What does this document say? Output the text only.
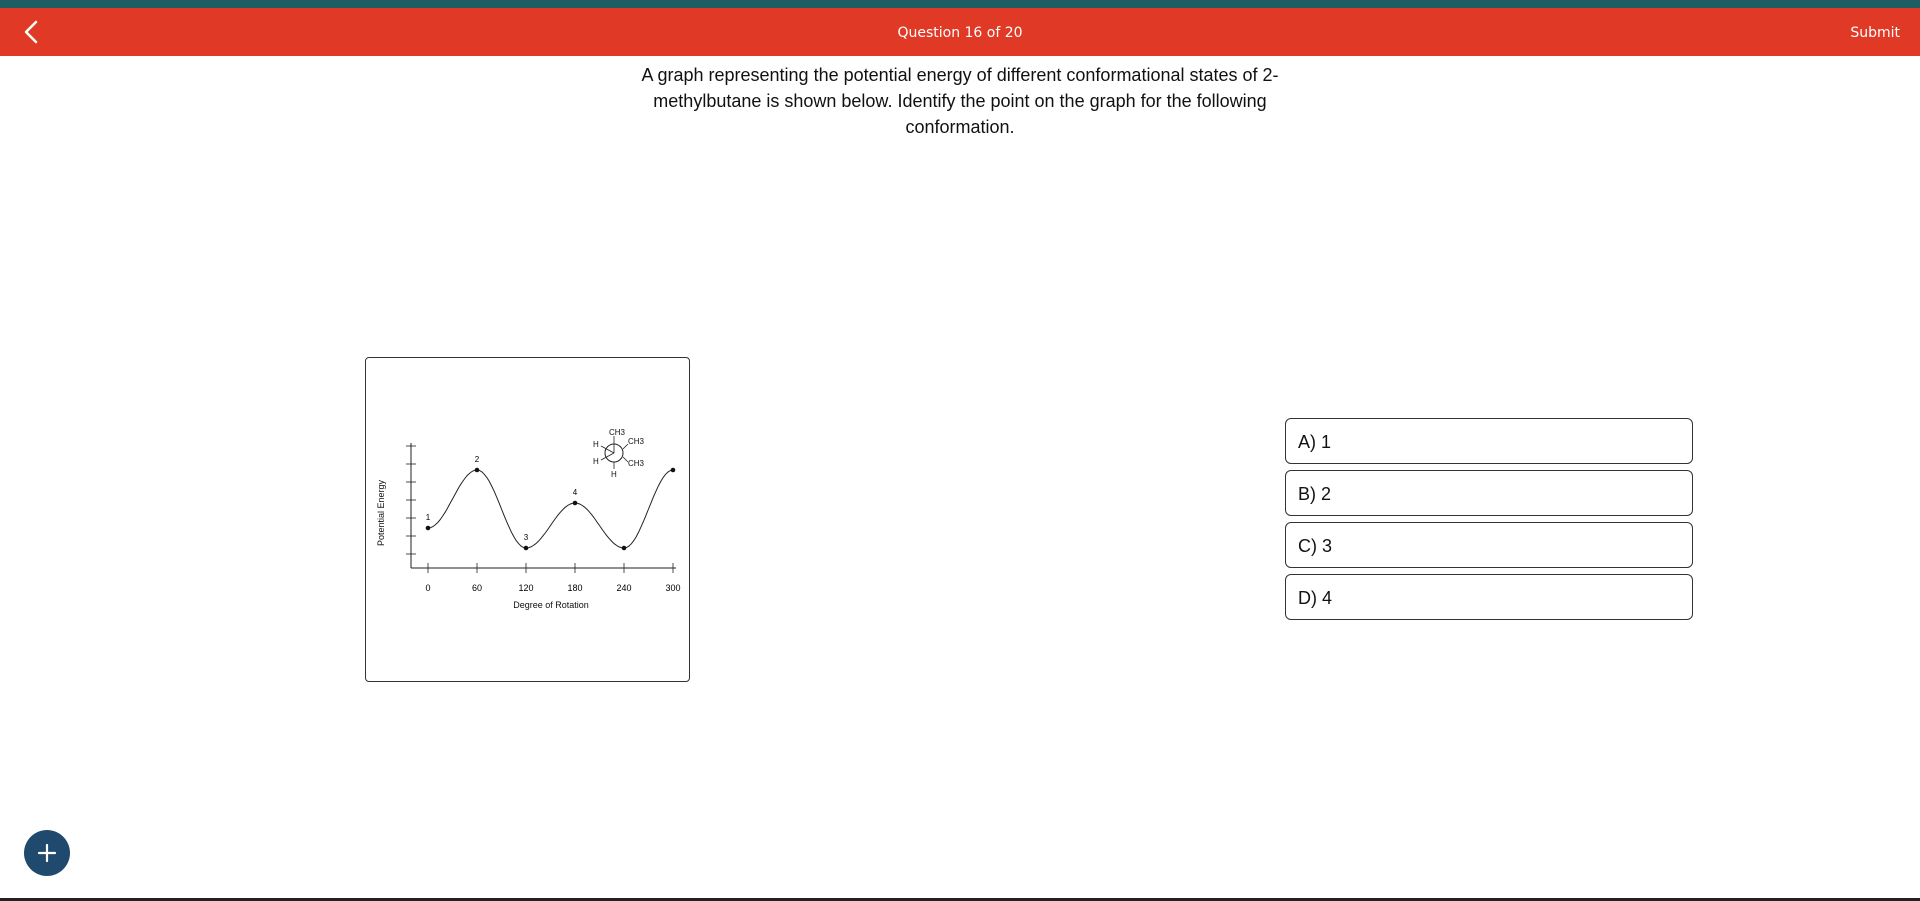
Question 16 of 20	Submit
A graph representing the potential energy of different conformational states of 2-methylbutane is shown below. Identify the point on the graph for the following conformation.
Potential Energy
0	60	120	180	240	300
1
2
3
4
Degree of Rotation
CH3
CH3
CH3
H
H
H
A) 1
B) 2
C) 3
D) 4
